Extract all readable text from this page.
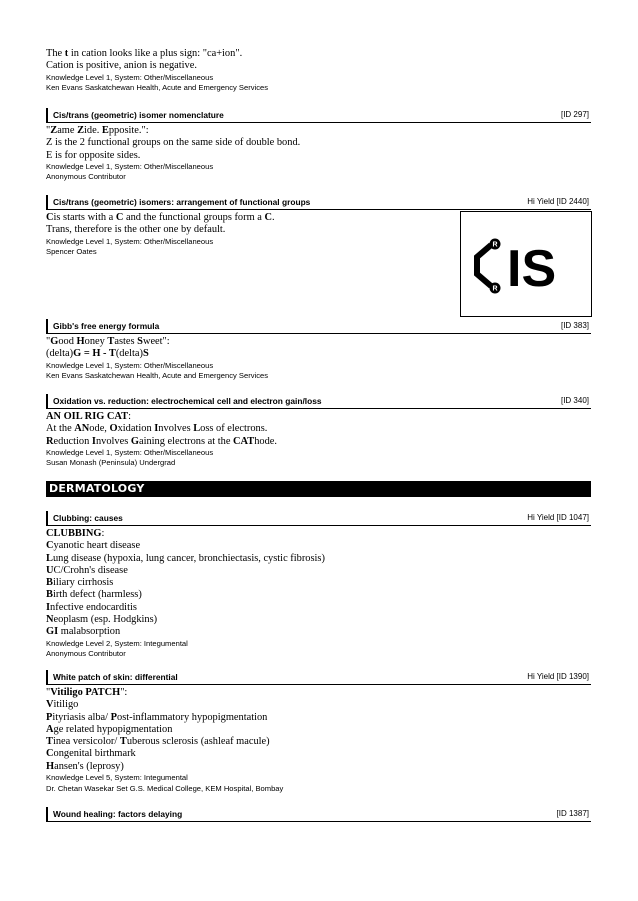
The t in cation looks like a plus sign: "ca+ion".
Cation is positive, anion is negative.
Knowledge Level 1, System: Other/Miscellaneous
Ken Evans Saskatchewan Health, Acute and Emergency Services
Cis/trans (geometric) isomer nomenclature	[ID 297]
"Zame Zide. Epposite.":
Z is the 2 functional groups on the same side of double bond.
E is for opposite sides.
Knowledge Level 1, System: Other/Miscellaneous
Anonymous Contributor
Cis/trans (geometric) isomers: arrangement of functional groups	Hi Yield [ID 2440]
Cis starts with a C and the functional groups form a C.
Trans, therefore is the other one by default.
Knowledge Level 1, System: Other/Miscellaneous
Spencer Oates
R
R IS
Gibb's free energy formula	[ID 383]
"Good Honey Tastes Sweet":
(delta)G = H - T(delta)S
Knowledge Level 1, System: Other/Miscellaneous
Ken Evans Saskatchewan Health, Acute and Emergency Services
Oxidation vs. reduction: electrochemical cell and electron gain/loss	[ID 340]
AN OIL RIG CAT:
At the ANode, Oxidation Involves Loss of electrons.
Reduction Involves Gaining electrons at the CAThode.
Knowledge Level 1, System: Other/Miscellaneous
Susan Monash (Peninsula) Undergrad
DERMATOLOGY
Clubbing: causes	Hi Yield [ID 1047]
CLUBBING:
Cyanotic heart disease
Lung disease (hypoxia, lung cancer, bronchiectasis, cystic fibrosis)
UC/Crohn's disease
Biliary cirrhosis
Birth defect (harmless)
Infective endocarditis
Neoplasm (esp. Hodgkins)
GI malabsorption
Knowledge Level 2, System: Integumental
Anonymous Contributor
White patch of skin: differential	Hi Yield [ID 1390]
"Vitiligo PATCH":
Vitiligo
Pityriasis alba/ Post-inflammatory hypopigmentation
Age related hypopigmentation
Tinea versicolor/ Tuberous sclerosis (ashleaf macule)
Congenital birthmark
Hansen's (leprosy)
Knowledge Level 5, System: Integumental
Dr. Chetan Wasekar Set G.S. Medical College, KEM Hospital, Bombay
Wound healing: factors delaying	[ID 1387]
